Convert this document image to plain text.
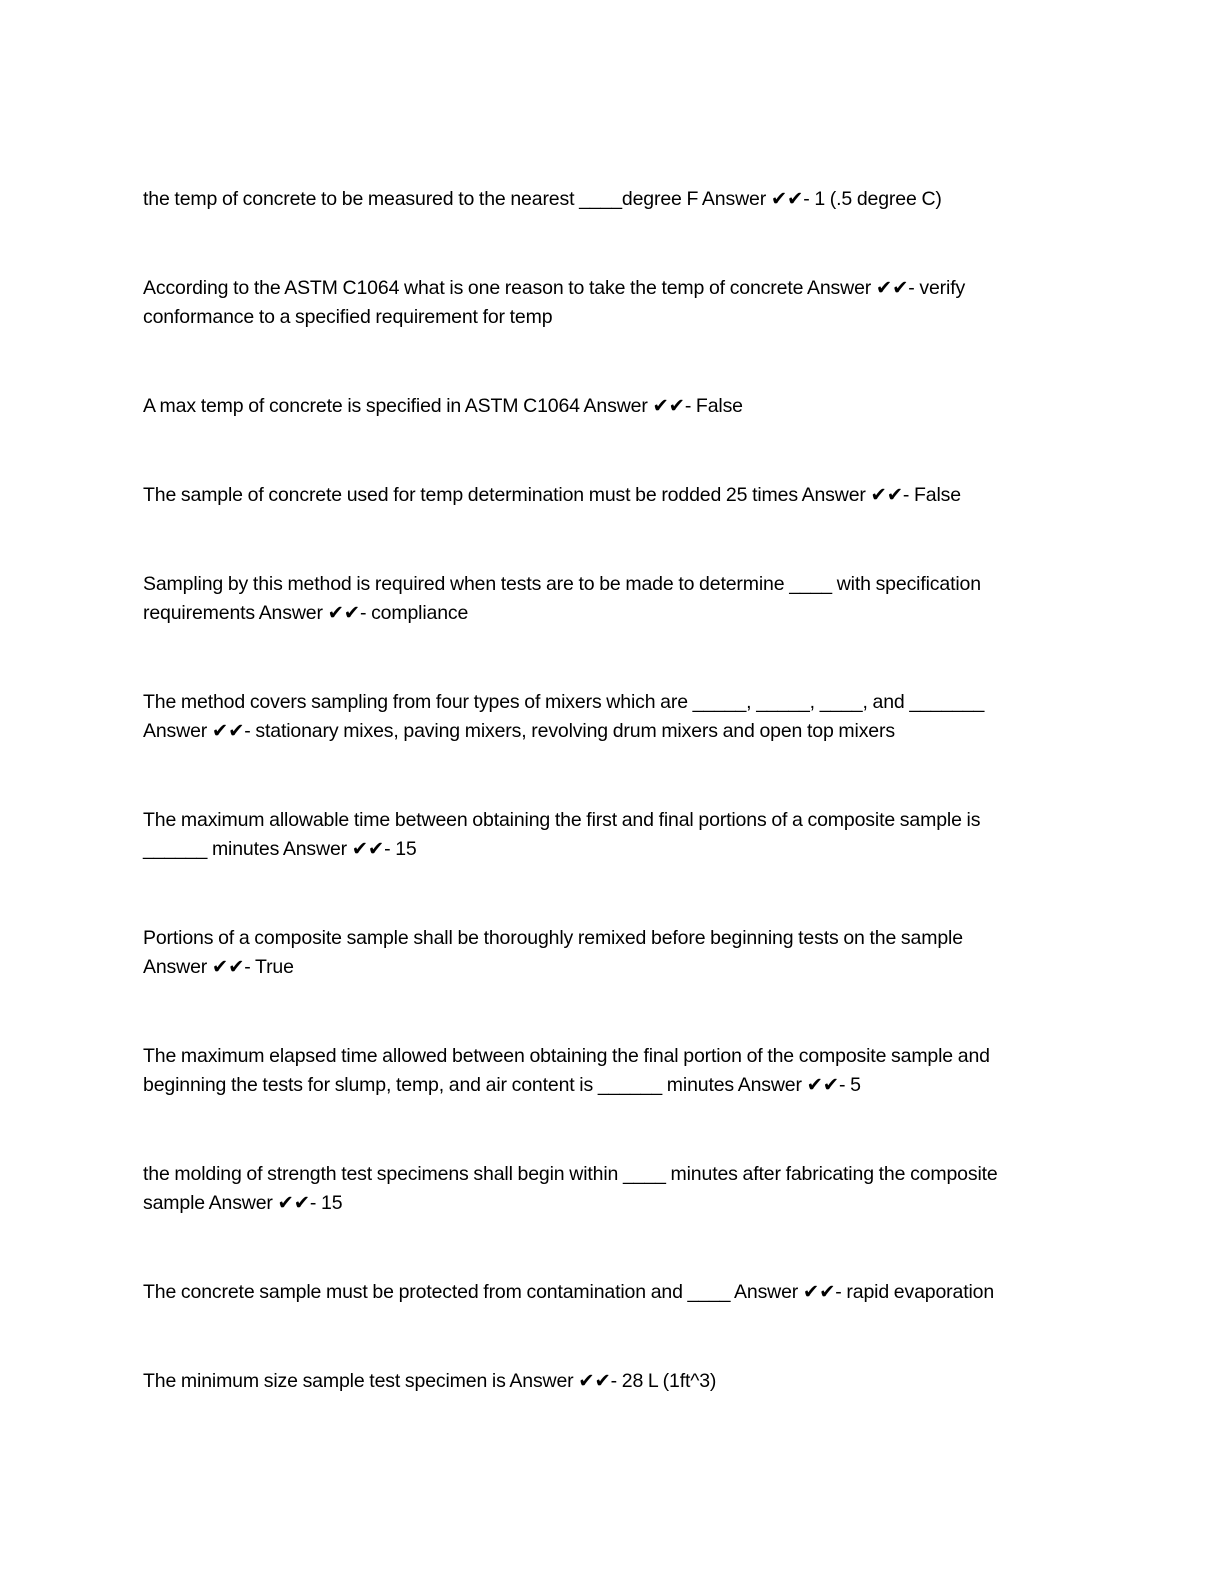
the temp of concrete to be measured to the nearest ____degree F Answer ✔✔- 1 (.5 degree C)

According to the ASTM C1064 what is one reason to take the temp of concrete Answer ✔✔- verify
conformance to a specified requirement for temp

A max temp of concrete is specified in ASTM C1064 Answer ✔✔- False

The sample of concrete used for temp determination must be rodded 25 times Answer ✔✔- False

Sampling by this method is required when tests are to be made to determine ____ with specification
requirements Answer ✔✔- compliance

The method covers sampling from four types of mixers which are _____, _____, ____, and _______
Answer ✔✔- stationary mixes, paving mixers, revolving drum mixers and open top mixers

The maximum allowable time between obtaining the first and final portions of a composite sample is
______ minutes Answer ✔✔- 15

Portions of a composite sample shall be thoroughly remixed before beginning tests on the sample
Answer ✔✔- True

The maximum elapsed time allowed between obtaining the final portion of the composite sample and
beginning the tests for slump, temp, and air content is ______ minutes Answer ✔✔- 5

the molding of strength test specimens shall begin within ____ minutes after fabricating the composite
sample Answer ✔✔- 15

The concrete sample must be protected from contamination and ____ Answer ✔✔- rapid evaporation

The minimum size sample test specimen is Answer ✔✔- 28 L (1ft^3)
